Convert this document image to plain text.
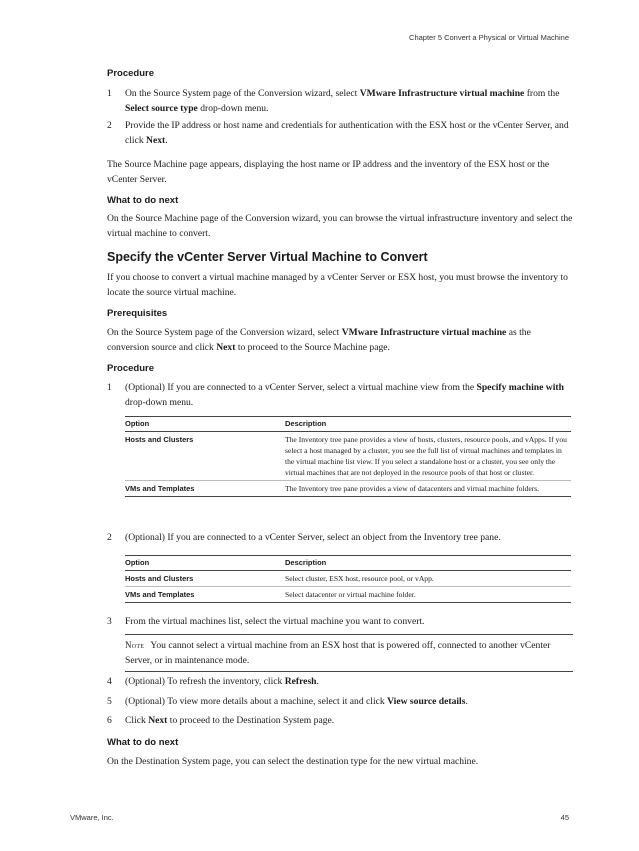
Chapter 5 Convert a Physical or Virtual Machine
VMware, Inc.	45
Procedure
1 On the Source System page of the Conversion wizard, select VMware Infrastructure virtual machine from the Select source type drop-down menu.
2 Provide the IP address or host name and credentials for authentication with the ESX host or the vCenter Server, and click Next.
The Source Machine page appears, displaying the host name or IP address and the inventory of the ESX host or the vCenter Server.
What to do next
On the Source Machine page of the Conversion wizard, you can browse the virtual infrastructure inventory and select the virtual machine to convert.
Specify the vCenter Server Virtual Machine to Convert
If you choose to convert a virtual machine managed by a vCenter Server or ESX host, you must browse the inventory to locate the source virtual machine.
Prerequisites
On the Source System page of the Conversion wizard, select VMware Infrastructure virtual machine as the conversion source and click Next to proceed to the Source Machine page.
Procedure
1 (Optional) If you are connected to a vCenter Server, select a virtual machine view from the Specify machine with drop-down menu.
Option	Description
Hosts and Clusters	The Inventory tree pane provides a view of hosts, clusters, resource pools, and vApps. If you select a host managed by a cluster, you see the full list of virtual machines and templates in the virtual machine list view. If you select a standalone host or a cluster, you see only the virtual machines that are not deployed in the resource pools of that host or cluster.
VMs and Templates	The Inventory tree pane provides a view of datacenters and virtual machine folders.
2 (Optional) If you are connected to a vCenter Server, select an object from the Inventory tree pane.
Option	Description
Hosts and Clusters	Select cluster, ESX host, resource pool, or vApp.
VMs and Templates	Select datacenter or virtual machine folder.
3 From the virtual machines list, select the virtual machine you want to convert.
Note You cannot select a virtual machine from an ESX host that is powered off, connected to another vCenter Server, or in maintenance mode.
4 (Optional) To refresh the inventory, click Refresh.
5 (Optional) To view more details about a machine, select it and click View source details.
6 Click Next to proceed to the Destination System page.
What to do next
On the Destination System page, you can select the destination type for the new virtual machine.
